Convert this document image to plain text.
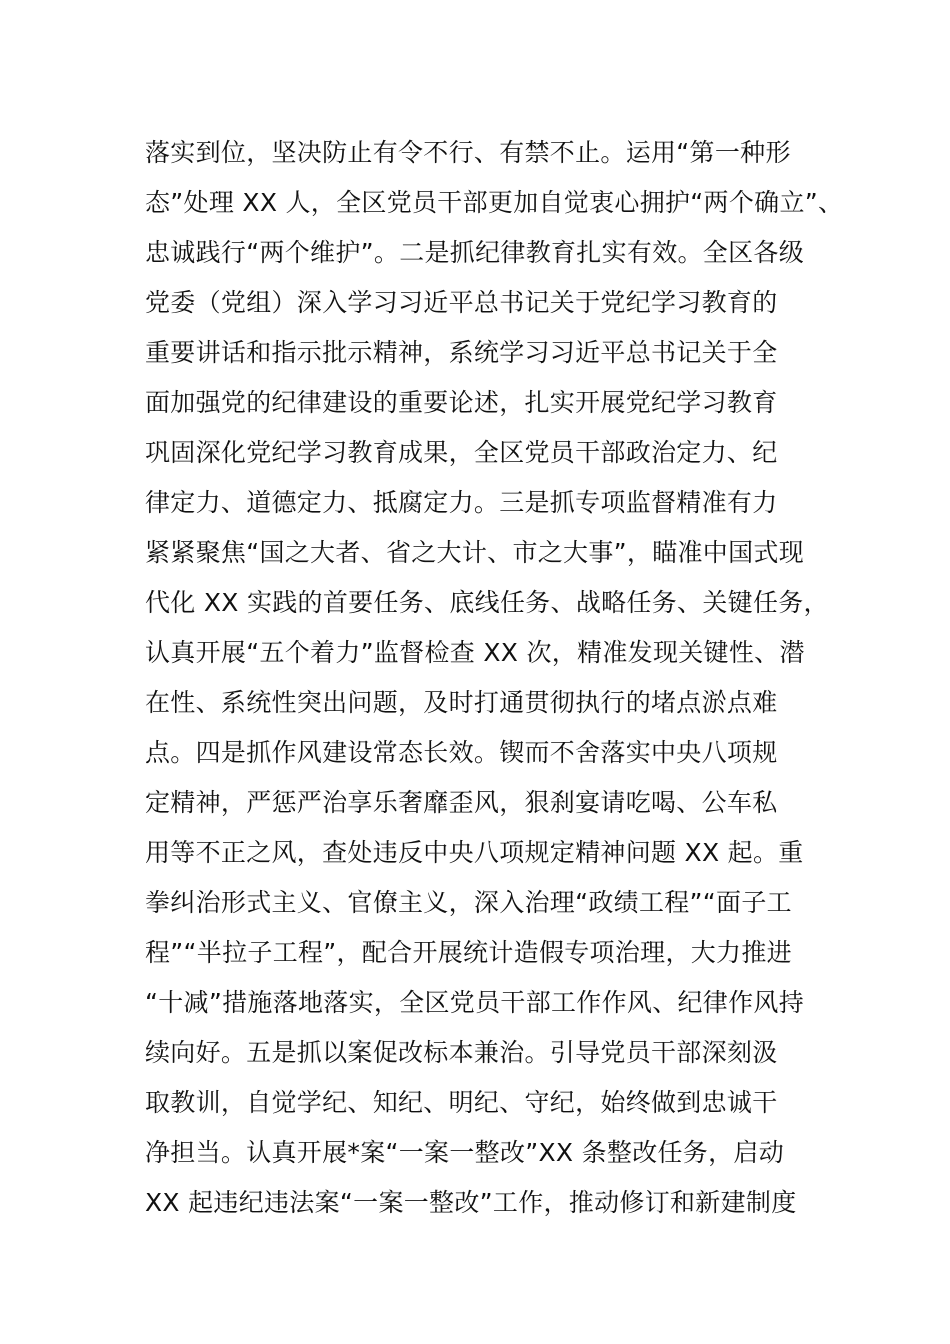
落实到位，坚决防止有令不行、有禁不止。运用“第一种形
态”处理 XX 人，全区党员干部更加自觉衷心拥护“两个确立”、
忠诚践行“两个维护”。二是抓纪律教育扎实有效。全区各级
党委（党组）深入学习习近平总书记关于党纪学习教育的
重要讲话和指示批示精神，系统学习习近平总书记关于全
面加强党的纪律建设的重要论述，扎实开展党纪学习教育
巩固深化党纪学习教育成果，全区党员干部政治定力、纪
律定力、道德定力、抵腐定力。三是抓专项监督精准有力
紧紧聚焦“国之大者、省之大计、市之大事”，瞄准中国式现
代化 XX 实践的首要任务、底线任务、战略任务、关键任务，
认真开展“五个着力”监督检查 XX 次，精准发现关键性、潜
在性、系统性突出问题，及时打通贯彻执行的堵点淤点难
点。四是抓作风建设常态长效。锲而不舍落实中央八项规
定精神，严惩严治享乐奢靡歪风，狠刹宴请吃喝、公车私
用等不正之风，查处违反中央八项规定精神问题 XX 起。重
拳纠治形式主义、官僚主义，深入治理“政绩工程”“面子工
程”“半拉子工程”，配合开展统计造假专项治理，大力推进
“十减”措施落地落实，全区党员干部工作作风、纪律作风持
续向好。五是抓以案促改标本兼治。引导党员干部深刻汲
取教训，自觉学纪、知纪、明纪、守纪，始终做到忠诚干
净担当。认真开展*案“一案一整改”XX 条整改任务，启动
XX 起违纪违法案“一案一整改”工作，推动修订和新建制度
